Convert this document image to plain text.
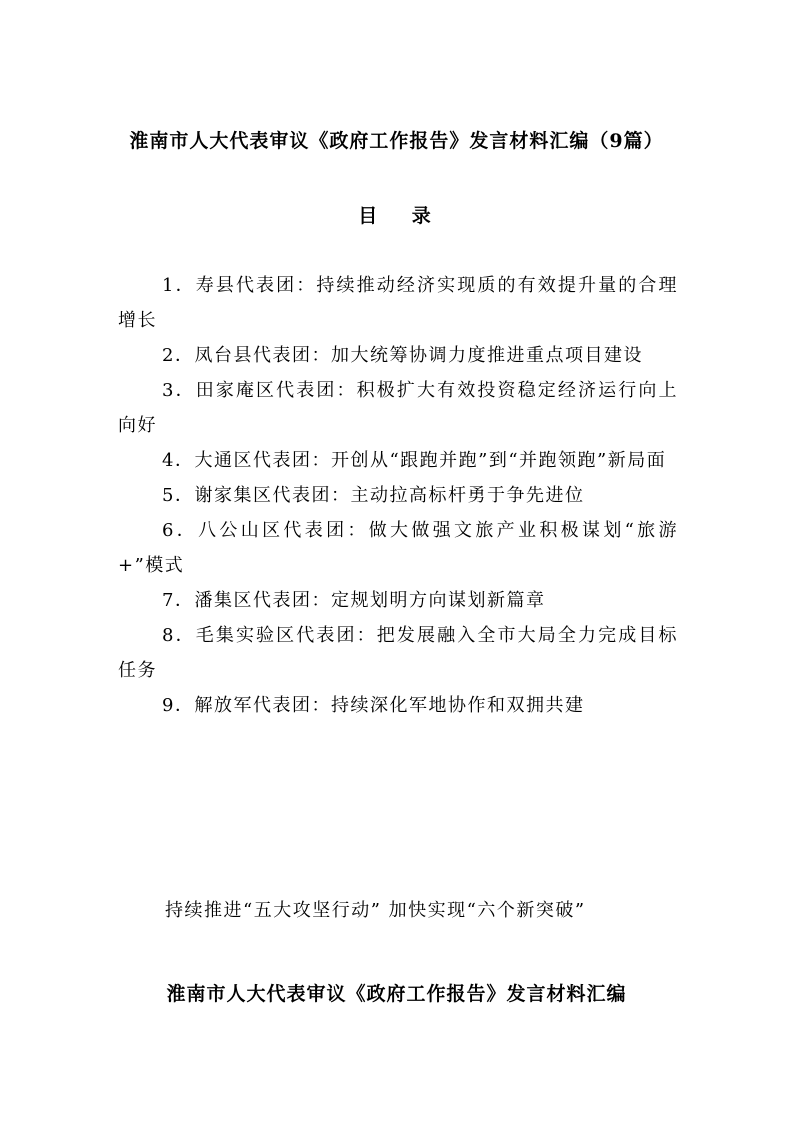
淮南市人大代表审议《政府工作报告》发言材料汇编（9篇）
目 录
1．寿县代表团：持续推动经济实现质的有效提升量的合理增长
2．凤台县代表团：加大统筹协调力度推进重点项目建设
3．田家庵区代表团：积极扩大有效投资稳定经济运行向上向好
4．大通区代表团：开创从“跟跑并跑”到“并跑领跑”新局面
5．谢家集区代表团：主动拉高标杆勇于争先进位
6．八公山区代表团：做大做强文旅产业积极谋划“旅游+”模式
7．潘集区代表团：定规划明方向谋划新篇章
8．毛集实验区代表团：把发展融入全市大局全力完成目标任务
9．解放军代表团：持续深化军地协作和双拥共建

持续推进“五大攻坚行动” 加快实现“六个新突破”

淮南市人大代表审议《政府工作报告》发言材料汇编
